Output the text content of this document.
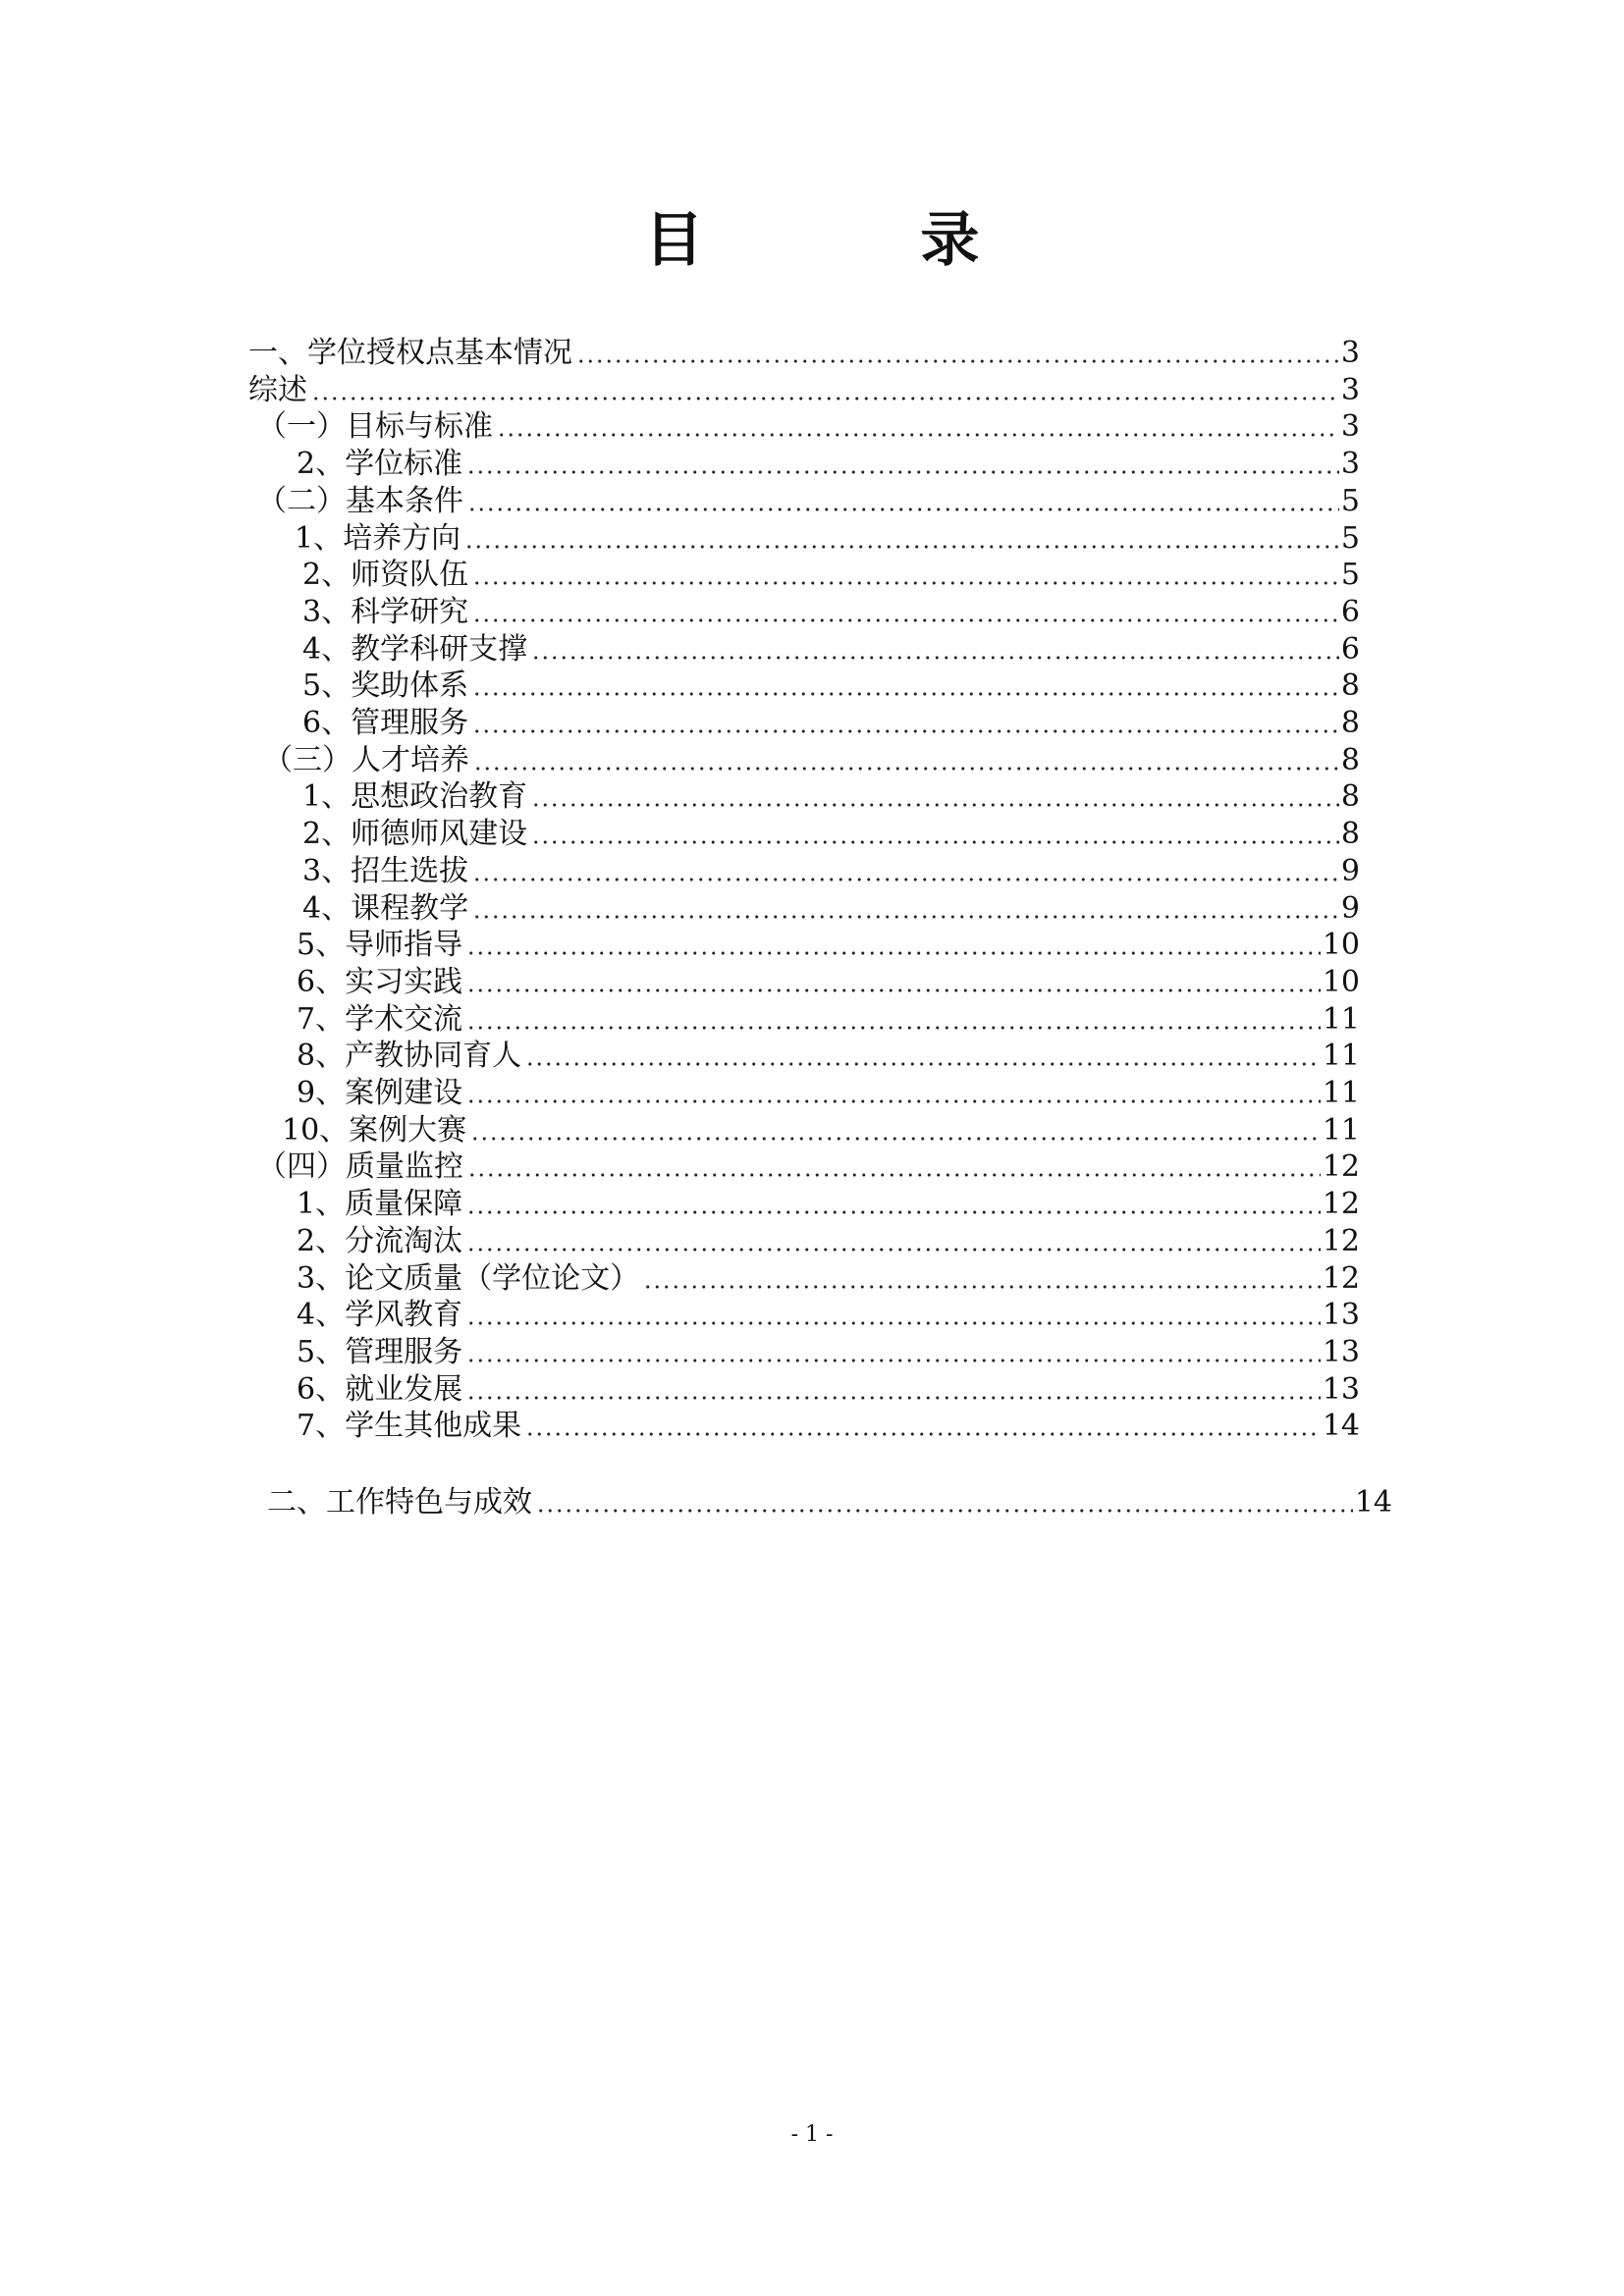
目 录
一、学位授权点基本情况	3
综述	3
（一）目标与标准	3
2、学位标准	3
（二）基本条件	5
1、培养方向	5
2、师资队伍	5
3、科学研究	6
4、教学科研支撑	6
5、奖助体系	8
6、管理服务	8
（三）人才培养	8
1、思想政治教育	8
2、师德师风建设	8
3、招生选拔	9
4、课程教学	9
5、导师指导	10
6、实习实践	10
7、学术交流	11
8、产教协同育人	11
9、案例建设	11
10、案例大赛	11
（四）质量监控	12
1、质量保障	12
2、分流淘汰	12
3、论文质量（学位论文）	12
4、学风教育	13
5、管理服务	13
6、就业发展	13
7、学生其他成果	14
二、工作特色与成效	14
- 1 -
